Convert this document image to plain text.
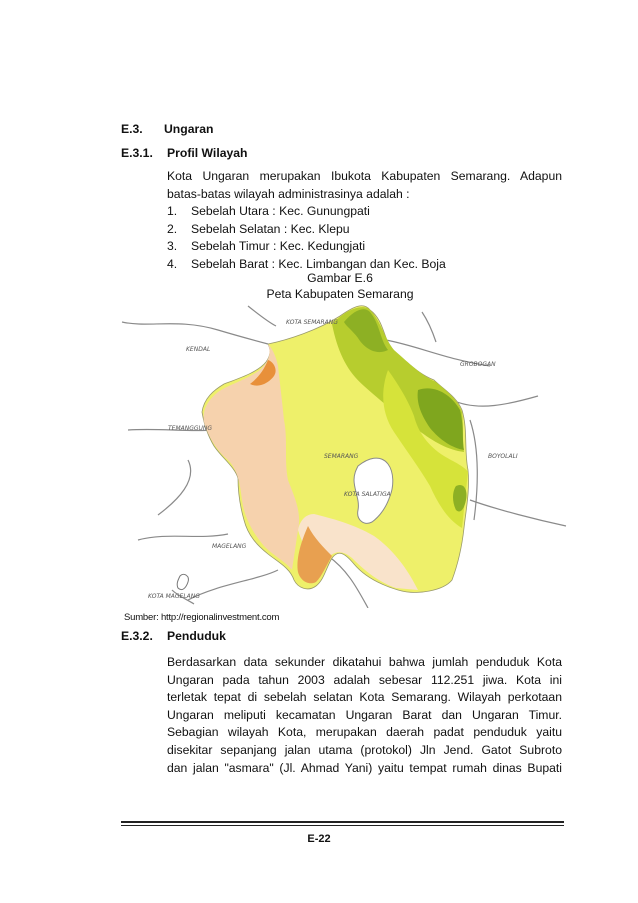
E.3. Ungaran
E.3.1. Profil Wilayah
Kota Ungaran merupakan Ibukota Kabupaten Semarang. Adapun
batas-batas wilayah administrasinya adalah :
1. Sebelah Utara : Kec. Gunungpati
2. Sebelah Selatan : Kec. Klepu
3. Sebelah Timur : Kec. Kedungjati
4. Sebelah Barat : Kec. Limbangan dan Kec. Boja
Gambar E.6
Peta Kabupaten Semarang
KOTA SEMARANG
KENDAL
GROBOGAN
TEMANGGUNG
SEMARANG	BOYOLALI
KOTA SALATIGA
MAGELANG
KOTA MAGELANG
Sumber: http://regionalinvestment.com
E.3.2. Penduduk
Berdasarkan data sekunder dikatahui bahwa jumlah penduduk Kota
Ungaran pada tahun 2003 adalah sebesar 112.251 jiwa. Kota ini
terletak tepat di sebelah selatan Kota Semarang. Wilayah perkotaan
Ungaran meliputi kecamatan Ungaran Barat dan Ungaran Timur.
Sebagian wilayah Kota, merupakan daerah padat penduduk yaitu
disekitar sepanjang jalan utama (protokol) Jln Jend. Gatot Subroto
dan jalan "asmara" (Jl. Ahmad Yani) yaitu tempat rumah dinas Bupati
E-22
